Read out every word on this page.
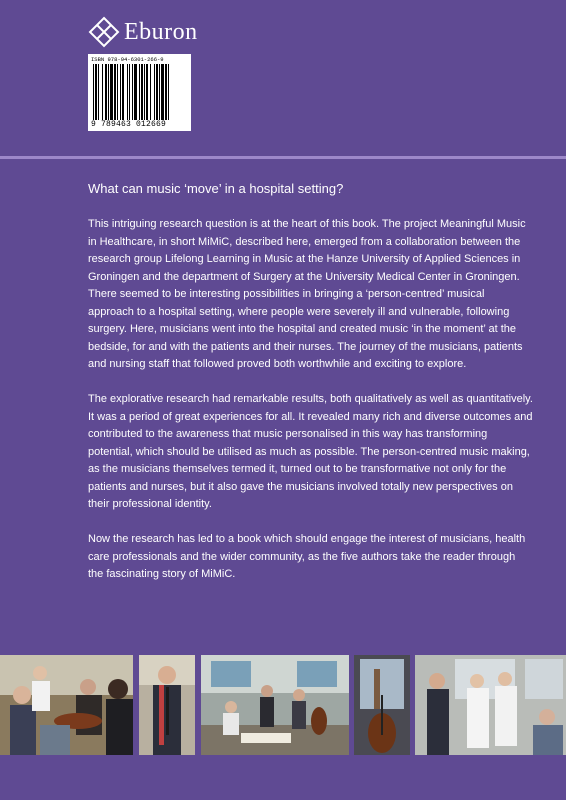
Eburon
ISBN 978-94-6301-266-9
9 789463 012669
What can music ‘move’ in a hospital setting?

This intriguing research question is at the heart of this book. The project Meaningful Music in Healthcare, in short MiMiC, described here, emerged from a collaboration between the research group Lifelong Learning in Music at the Hanze University of Applied Sciences in Groningen and the department of Surgery at the University Medical Center in Groningen. There seemed to be interesting possibilities in bringing a ‘person-centred’ musical approach to a hospital setting, where people were severely ill and vulnerable, following surgery. Here, musicians went into the hospital and created music ‘in the moment’ at the bedside, for and with the patients and their nurses. The journey of the musicians, patients and nursing staff that followed proved both worthwhile and exciting to explore.

The explorative research had remarkable results, both qualitatively as well as quantitatively. It was a period of great experiences for all. It revealed many rich and diverse outcomes and contributed to the awareness that music personalised in this way has transforming potential, which should be utilised as much as possible. The person-centred music making, as the musicians themselves termed it, turned out to be transformative not only for the patients and nurses, but it also gave the musicians involved totally new perspectives on their professional identity.

Now the research has led to a book which should engage the interest of musicians, health care professionals and the wider community, as the five authors take the reader through the fascinating story of MiMiC.
